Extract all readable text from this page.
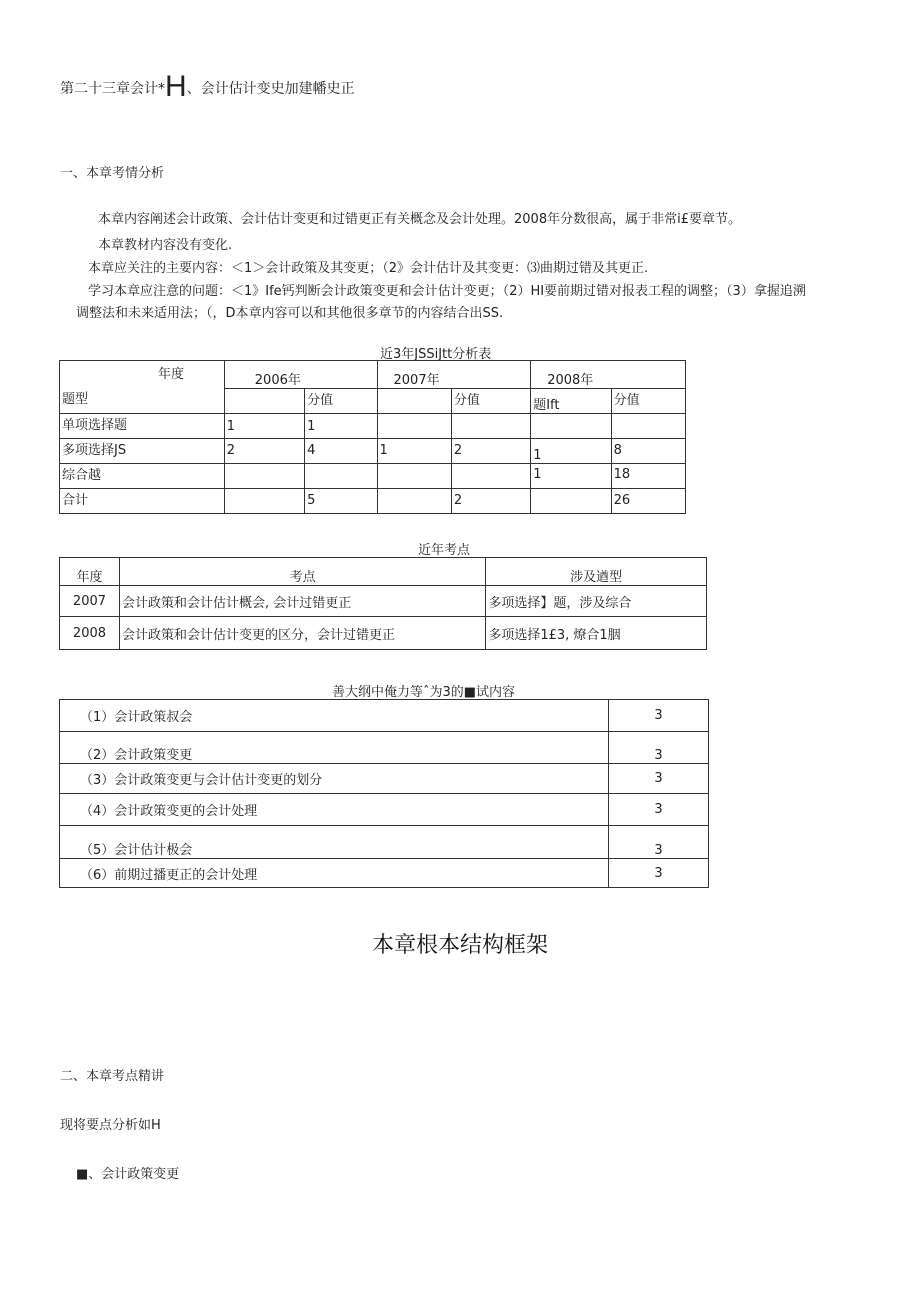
第二十三章会计*H、会计估计变史加建幡史正
一、本章考情分析
本章内容阐述会计政策、会计估计变更和过错更正有关概念及会计处理。2008年分数很高，属于非常i£要章节。
本章教材内容没有变化.
本章应关注的主要内容：＜1＞会计政策及其变更；（2》会计估计及其变更：⑶曲期过错及其更正.
学习本章应注意的问题：＜1》Ife钙判断会计政策变更和会计估计变更；（2）HI要前期过错对报表工程的调整；（3）拿握追溯
调整法和未来适用法；（，D本章内容可以和其他很多章节的内容结合出SS.
近3年JSSiJtt分析表
年度
题型	2006年		2007年		2008年	
		分值		分值	题Ift	分值
单项选择题	1	1				
多项选择JS	2	4	1	2	1	8
综合越					1	18
合计		5		2		26
近年考点
年度	考点	涉及遒型
2007	会计政策和会计估计概会, 会计过错更正	多项选择】题，涉及综合
2008	会计政策和会计估计变更的区分，会计过错更正	多项选择1£3, 燎合1胭
善大纲中俺力等ˆ为3的■试内容
（1）会计政策叔会	3
（2）会计政策变更	3
（3）会计政策变更与会计估计变更的划分	3
（4）会计政策变更的会计处理	3
（5）会计估计极会	3
（6）前期过播更正的会计处理	3
本章根本结构框架
二、本章考点精讲
现将要点分析如H
■、会计政策变更
